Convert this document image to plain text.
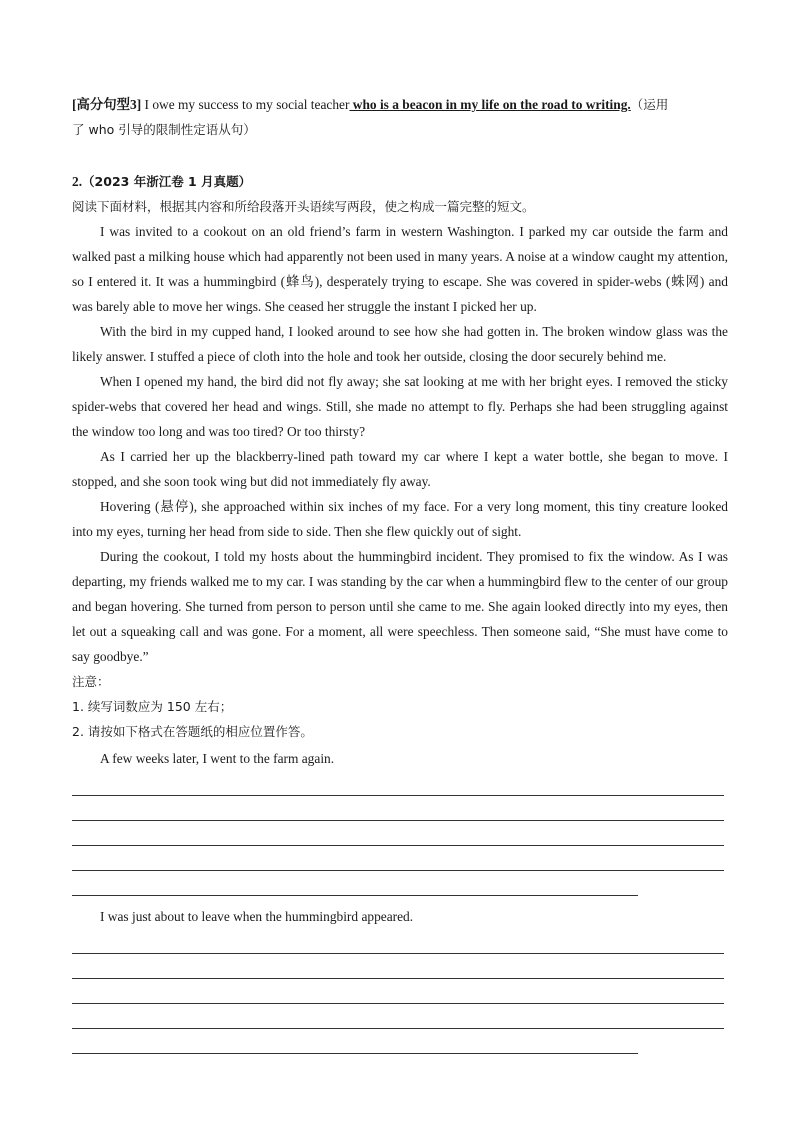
[高分句型3] I owe my success to my social teacher who is a beacon in my life on the road to writing.（运用
了 who 引导的限制性定语从句）
2.（2023 年浙江卷 1 月真题）
阅读下面材料，根据其内容和所给段落开头语续写两段，使之构成一篇完整的短文。

I was invited to a cookout on an old friend’s farm in western Washington. I parked my car outside the farm and walked past a milking house which had apparently not been used in many years. A noise at a window caught my attention, so I entered it. It was a hummingbird (蜂鸟), desperately trying to escape. She was covered in spider-webs (蛛网) and was barely able to move her wings. She ceased her struggle the instant I picked her up.

With the bird in my cupped hand, I looked around to see how she had gotten in. The broken window glass was the likely answer. I stuffed a piece of cloth into the hole and took her outside, closing the door securely behind me.

When I opened my hand, the bird did not fly away; she sat looking at me with her bright eyes. I removed the sticky spider-webs that covered her head and wings. Still, she made no attempt to fly. Perhaps she had been struggling against the window too long and was too tired? Or too thirsty?

As I carried her up the blackberry-lined path toward my car where I kept a water bottle, she began to move. I stopped, and she soon took wing but did not immediately fly away.

Hovering (悬停), she approached within six inches of my face. For a very long moment, this tiny creature looked into my eyes, turning her head from side to side. Then she flew quickly out of sight.

During the cookout, I told my hosts about the hummingbird incident. They promised to fix the window. As I was departing, my friends walked me to my car. I was standing by the car when a hummingbird flew to the center of our group and began hovering. She turned from person to person until she came to me. She again looked directly into my eyes, then let out a squeaking call and was gone. For a moment, all were speechless. Then someone said, “She must have come to say goodbye.”

注意：
1. 续写词数应为 150 左右；
2. 请按如下格式在答题纸的相应位置作答。
A few weeks later, I went to the farm again.
I was just about to leave when the hummingbird appeared.
